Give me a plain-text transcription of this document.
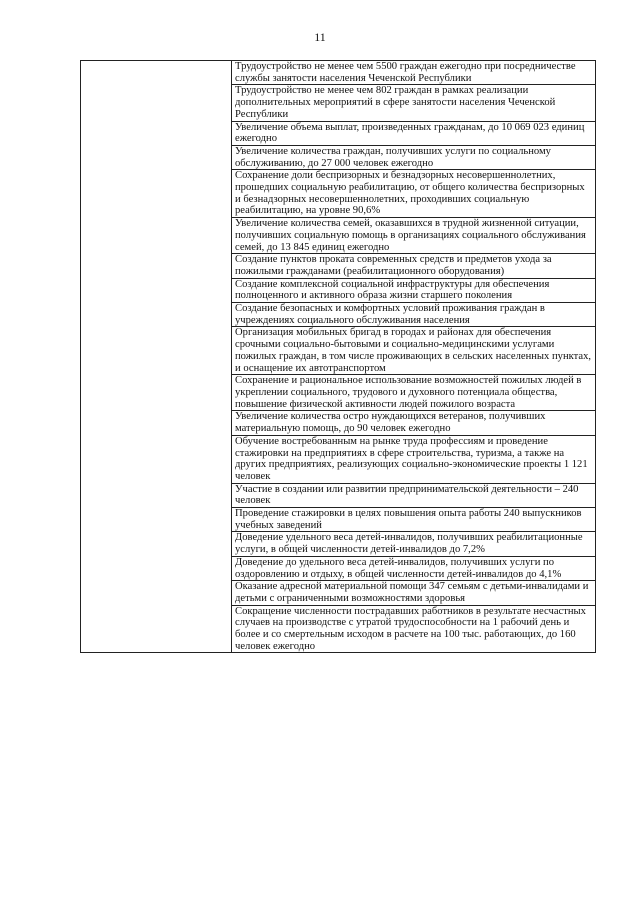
11
	Трудоустройство не менее чем 5500 граждан ежегодно при посредничестве службы занятости населения Чеченской Республики
Трудоустройство не менее чем 802 граждан в рамках реализации дополнительных мероприятий в сфере занятости населения Чеченской Республики
Увеличение объема выплат, произведенных гражданам, до 10 069 023 единиц ежегодно
Увеличение количества граждан, получивших услуги по социальному обслуживанию, до 27 000 человек ежегодно
Сохранение доли беспризорных и безнадзорных несовершеннолетних, прошедших социальную реабилитацию, от общего количества беспризорных и безнадзорных несовершеннолетних, проходивших социальную реабилитацию, на уровне 90,6%
Увеличение количества семей, оказавшихся в трудной жизненной ситуации, получивших социальную помощь в организациях социального обслуживания семей, до 13 845 единиц ежегодно
Создание пунктов проката современных средств и предметов ухода за пожилыми гражданами (реабилитационного оборудования)
Создание комплексной социальной инфраструктуры для обеспечения полноценного и активного образа жизни старшего поколения
Создание безопасных и комфортных условий проживания граждан в учреждениях социального обслуживания населения
Организация мобильных бригад в городах и районах для обеспечения срочными социально-бытовыми и социально-медицинскими услугами пожилых граждан, в том числе проживающих в сельских населенных пунктах, и оснащение их автотранспортом
Сохранение и рациональное использование возможностей пожилых людей в укреплении социального, трудового и духовного потенциала общества, повышение физической активности людей пожилого возраста
Увеличение количества остро нуждающихся ветеранов, получивших материальную помощь, до 90 человек ежегодно
Обучение востребованным на рынке труда профессиям и проведение стажировки на предприятиях в сфере строительства, туризма, а также на других предприятиях, реализующих социально-экономические проекты 1 121 человек
Участие в создании или развитии предпринимательской деятельности – 240 человек
Проведение стажировки в целях повышения опыта работы 240 выпускников учебных заведений
Доведение удельного веса детей-инвалидов, получивших реабилитационные услуги, в общей численности детей-инвалидов до 7,2%
Доведение до удельного веса детей-инвалидов, получивших услуги по оздоровлению и отдыху, в общей численности детей-инвалидов до 4,1%
Оказание адресной материальной помощи 347 семьям с детьми-инвалидами и детьми с ограниченными возможностями здоровья
Сокращение численности пострадавших работников в результате несчастных случаев на производстве с утратой трудоспособности на 1 рабочий день и более и со смертельным исходом в расчете на 100 тыс. работающих, до 160 человек ежегодно
